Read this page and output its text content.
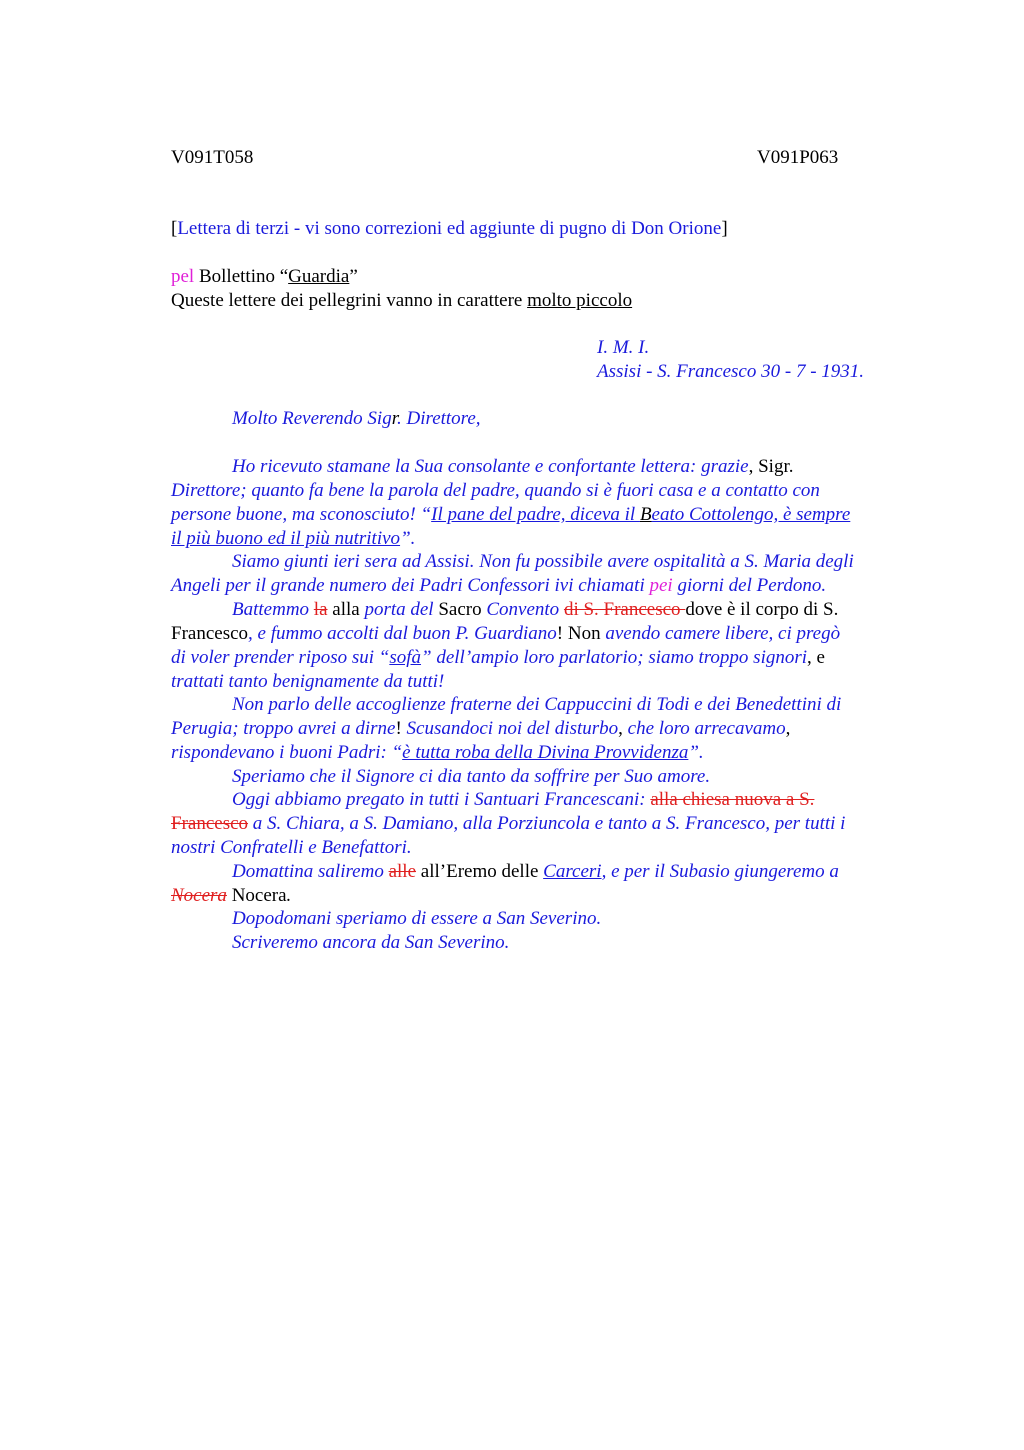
V091T058	V091P063
[Lettera di terzi - vi sono correzioni ed aggiunte di pugno di Don Orione]
pel Bollettino “Guardia”
Queste lettere dei pellegrini vanno in carattere molto piccolo
I. M. I.
Assisi - S. Francesco 30 - 7 - 1931.
Molto Reverendo Sigr. Direttore,
Ho ricevuto stamane la Sua consolante e confortante lettera: grazie, Sigr.
Direttore; quanto fa bene la parola del padre, quando si è fuori casa e a contatto con
persone buone, ma sconosciuto! “Il pane del padre, diceva il Beato Cottolengo, è sempre
il più buono ed il più nutritivo”.
Siamo giunti ieri sera ad Assisi. Non fu possibile avere ospitalità a S. Maria degli
Angeli per il grande numero dei Padri Confessori ivi chiamati pei giorni del Perdono.
Battemmo la alla porta del Sacro Convento di S. Francesco dove è il corpo di S.
Francesco, e fummo accolti dal buon P. Guardiano! Non avendo camere libere, ci pregò
di voler prender riposo sui “sofà” dell’ampio loro parlatorio; siamo troppo signori, e
trattati tanto benignamente da tutti!
Non parlo delle accoglienze fraterne dei Cappuccini di Todi e dei Benedettini di
Perugia; troppo avrei a dirne! Scusandoci noi del disturbo, che loro arrecavamo,
rispondevano i buoni Padri: “è tutta roba della Divina Provvidenza”.
Speriamo che il Signore ci dia tanto da soffrire per Suo amore.
Oggi abbiamo pregato in tutti i Santuari Francescani: alla chiesa nuova a S.
Francesco a S. Chiara, a S. Damiano, alla Porziuncola e tanto a S. Francesco, per tutti i
nostri Confratelli e Benefattori.
Domattina saliremo alle all’Eremo delle Carceri, e per il Subasio giungeremo a
Nocera Nocera.
Dopodomani speriamo di essere a San Severino.
Scriveremo ancora da San Severino.
